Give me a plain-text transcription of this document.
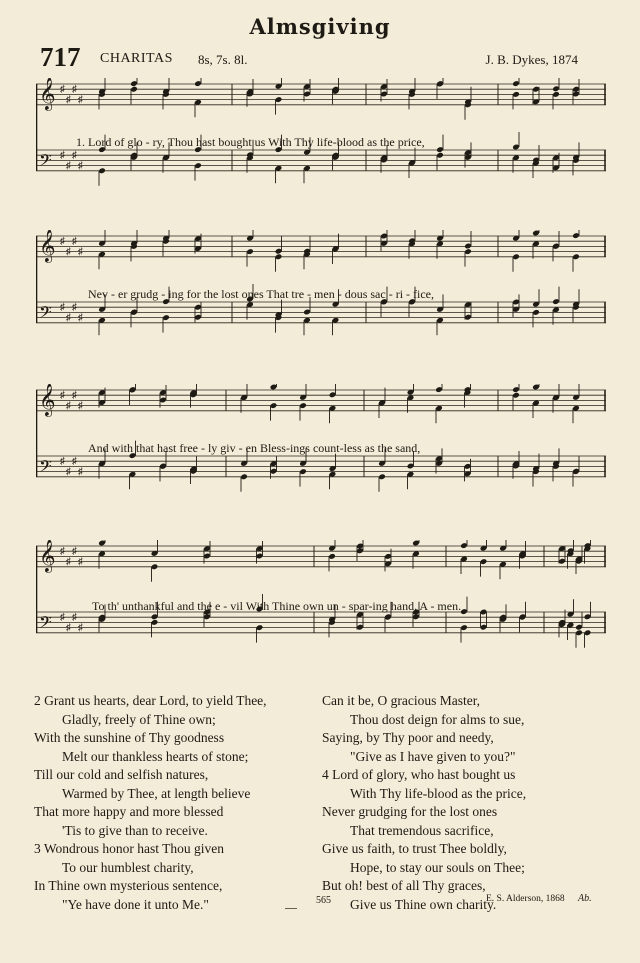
Almsgiving
717 CHARITAS 8s, 7s. 8l.	J. B. Dykes, 1874
𝄞 ♯
♯
♯
♯
𝄢 ♯
♯
♯
♯
1. Lord of glo - ry, Thou hast bought us With Thy life-blood as the price,
𝄞 ♯
♯
♯
♯
𝄢 ♯
♯
♯
♯
Nev - er grudg - ing for the lost ones That tre - men - dous sac - ri - fice,
𝄞 ♯
♯
♯
♯
𝄢 ♯
♯
♯
♯
And with that hast free - ly giv - en Bless-ings count-less as the sand,
𝄞 ♯
♯
♯
♯
𝄢 ♯
♯
♯
♯
To th' unthankful and the e - vil With Thine own un - spar-ing hand. A - men.
2 Grant us hearts, dear Lord, to yield Thee,
Gladly, freely of Thine own;
With the sunshine of Thy goodness
Melt our thankless hearts of stone;
Till our cold and selfish natures,
Warmed by Thee, at length believe
That more happy and more blessed
'Tis to give than to receive.
3 Wondrous honor hast Thou given
To our humblest charity,
In Thine own mysterious sentence,
"Ye have done it unto Me."
Can it be, O gracious Master,
Thou dost deign for alms to sue,
Saying, by Thy poor and needy,
"Give as I have given to you?"
4 Lord of glory, who hast bought us
With Thy life-blood as the price,
Never grudging for the lost ones
That tremendous sacrifice,
Give us faith, to trust Thee boldly,
Hope, to stay our souls on Thee;
But oh! best of all Thy graces,
Give us Thine own charity.
565	E. S. Alderson, 1868 Ab.
